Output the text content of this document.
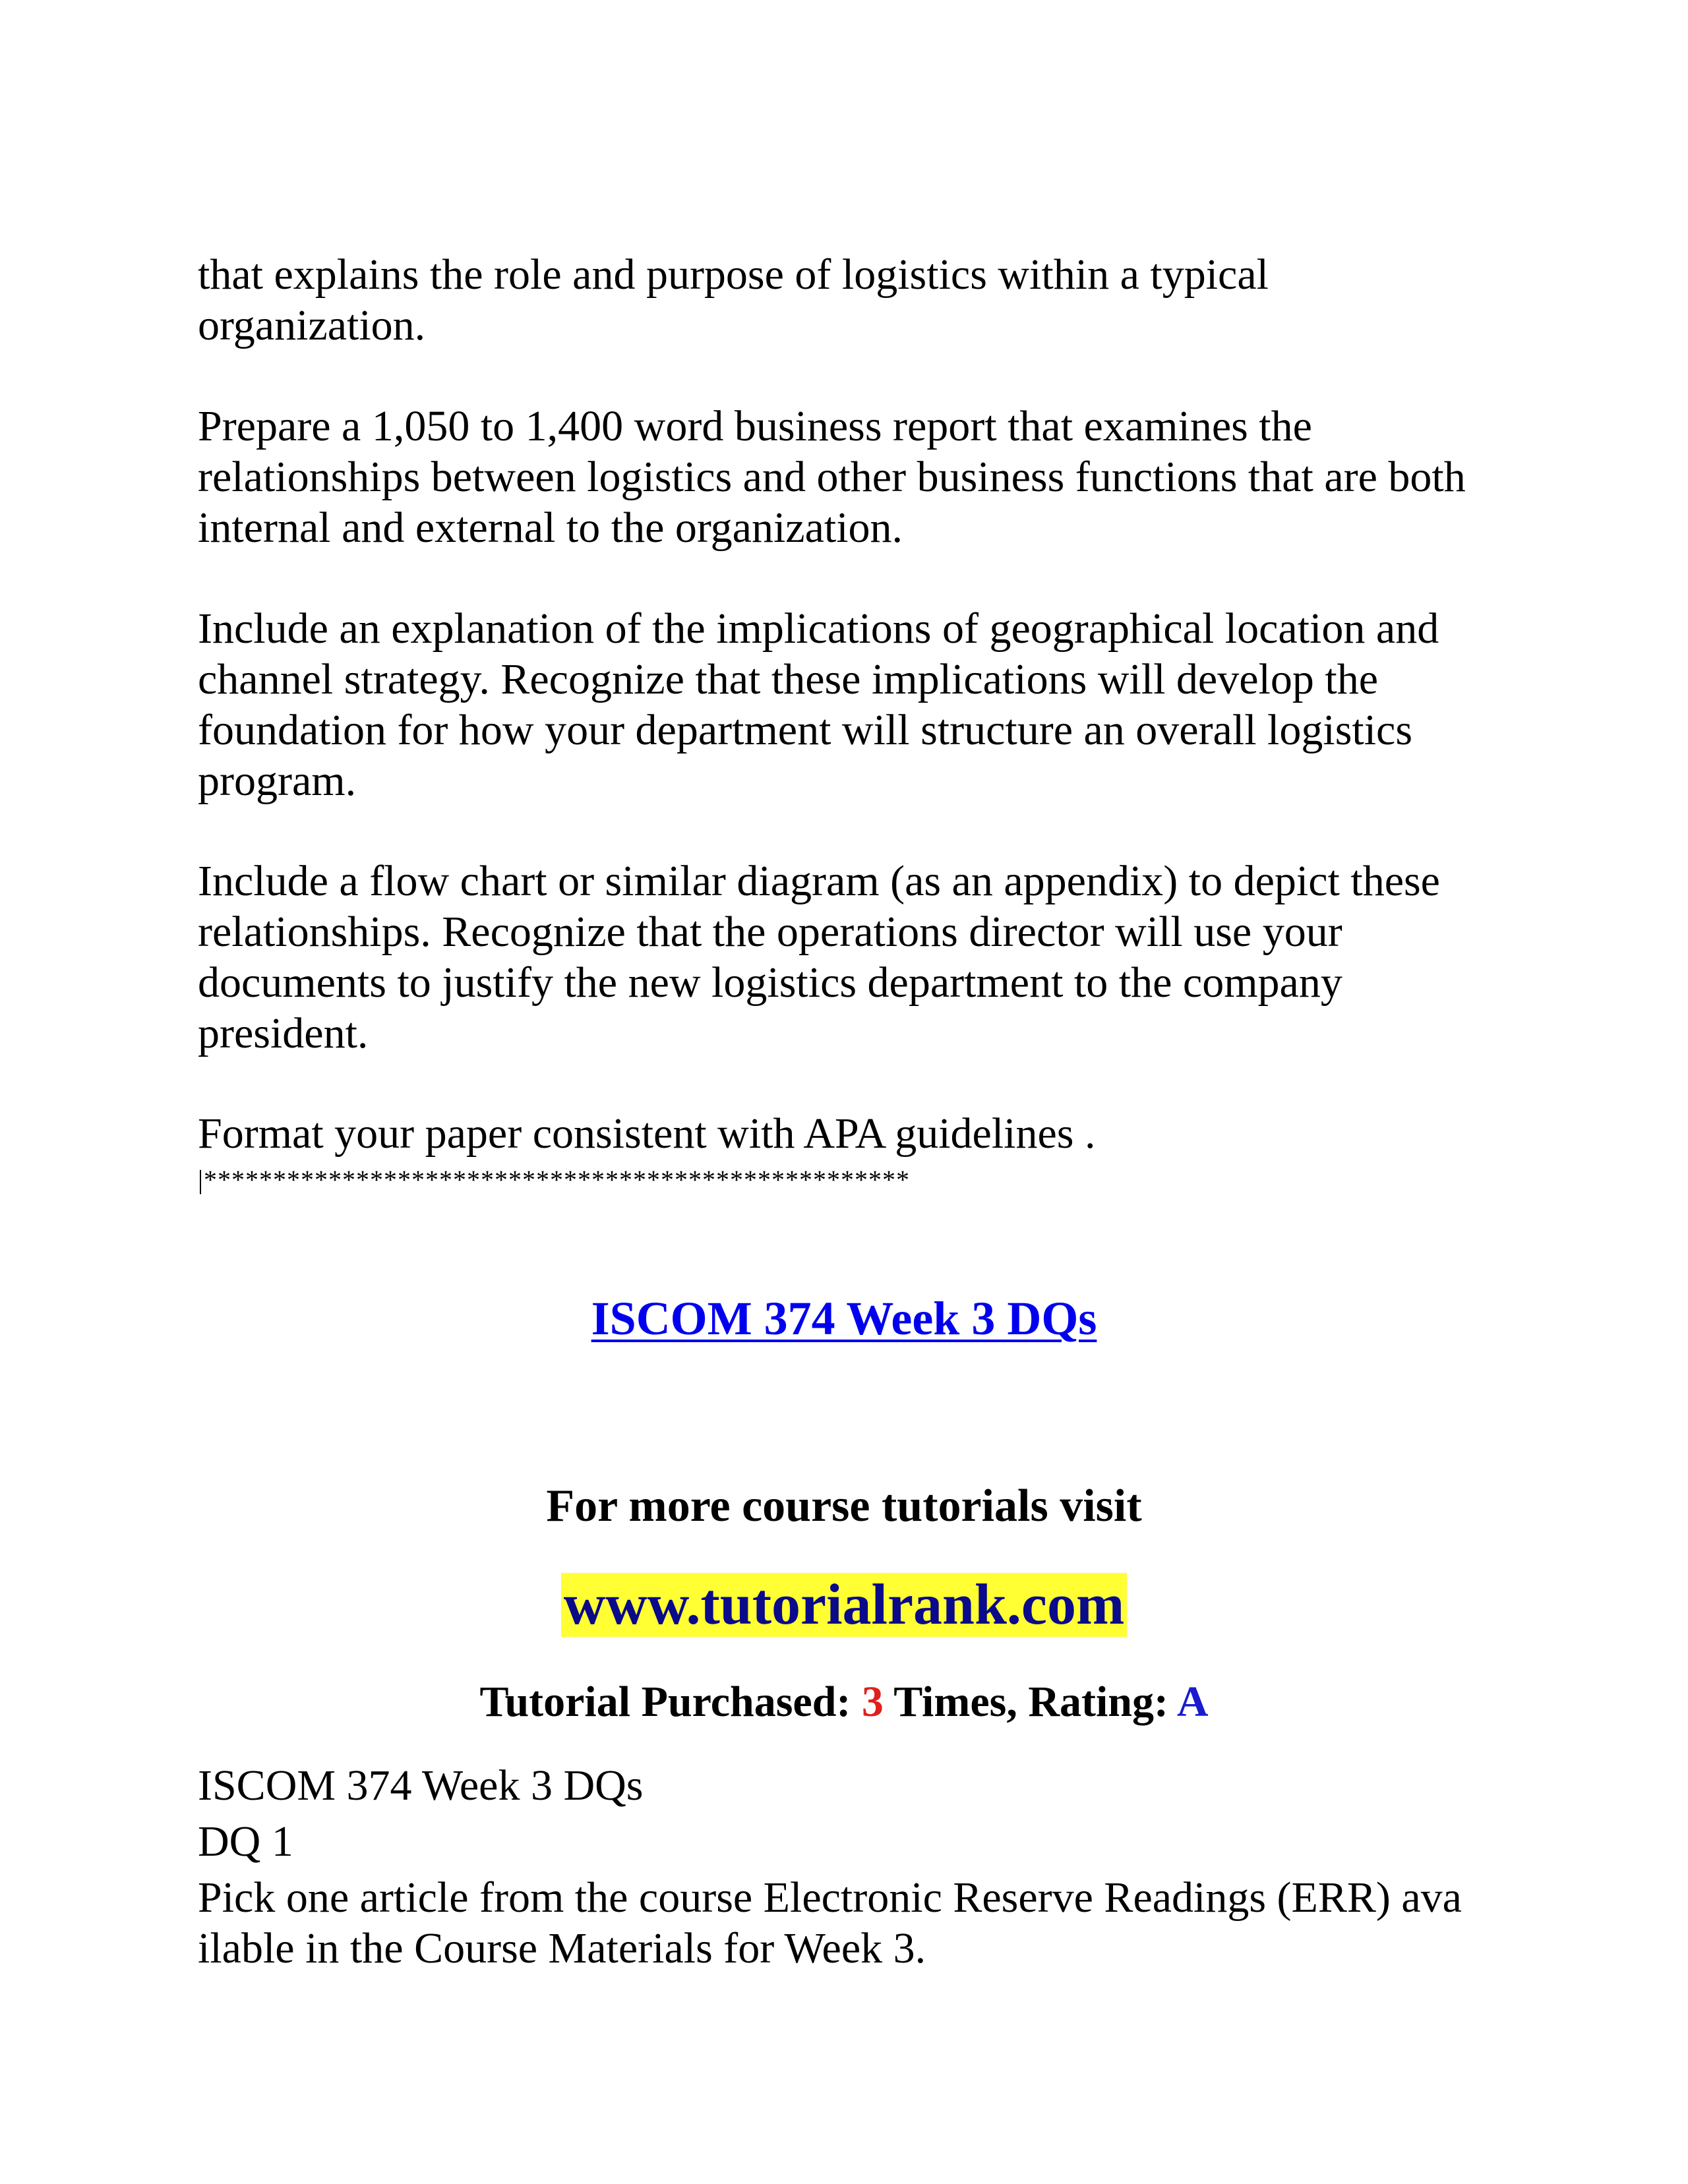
that explains the role and purpose of logistics within a typical
organization.

Prepare a 1,050 to 1,400 word business report that examines the
relationships between logistics and other business functions that are both
internal and external to the organization.

Include an explanation of the implications of geographical location and
channel strategy. Recognize that these implications will develop the
foundation for how your department will structure an overall logistics
program.

Include a flow chart or similar diagram (as an appendix) to depict these
relationships. Recognize that the operations director will use your
documents to justify the new logistics department to the company
president.

Format your paper consistent with APA guidelines .

|***************************************************

ISCOM 374 Week 3 DQs

For more course tutorials visit

www.tutorialrank.com

Tutorial Purchased: 3 Times, Rating: A

ISCOM 374 Week 3 DQs

DQ 1

Pick one article from the course Electronic Reserve Readings (ERR) ava
ilable in the Course Materials for Week 3.
